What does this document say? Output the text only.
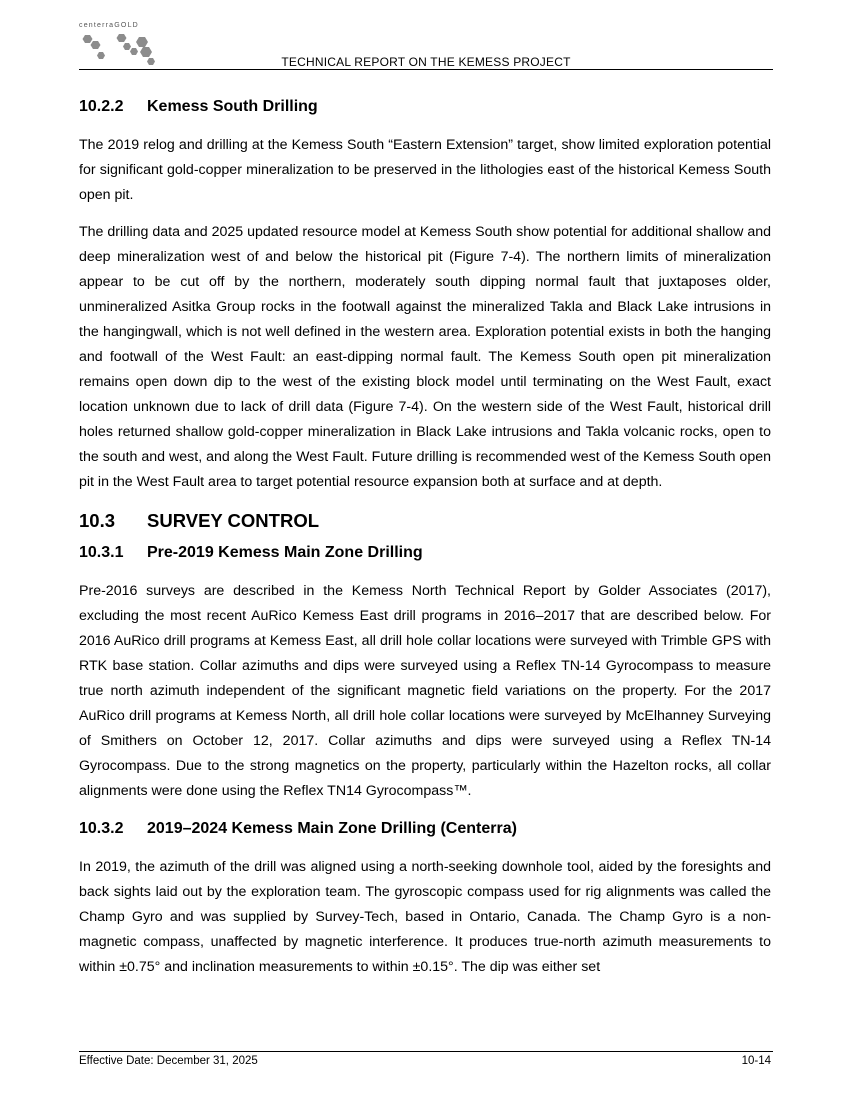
centerraGOLD
TECHNICAL REPORT ON THE KEMESS PROJECT
10.2.2 Kemess South Drilling

The 2019 relog and drilling at the Kemess South “Eastern Extension” target, show limited exploration potential for significant gold-copper mineralization to be preserved in the lithologies east of the historical Kemess South open pit.

The drilling data and 2025 updated resource model at Kemess South show potential for additional shallow and deep mineralization west of and below the historical pit (Figure 7-4). The northern limits of mineralization appear to be cut off by the northern, moderately south dipping normal fault that juxtaposes older, unmineralized Asitka Group rocks in the footwall against the mineralized Takla and Black Lake intrusions in the hangingwall, which is not well defined in the western area. Exploration potential exists in both the hanging and footwall of the West Fault: an east-dipping normal fault. The Kemess South open pit mineralization remains open down dip to the west of the existing block model until terminating on the West Fault, exact location unknown due to lack of drill data (Figure 7-4). On the western side of the West Fault, historical drill holes returned shallow gold-copper mineralization in Black Lake intrusions and Takla volcanic rocks, open to the south and west, and along the West Fault. Future drilling is recommended west of the Kemess South open pit in the West Fault area to target potential resource expansion both at surface and at depth.

10.3 SURVEY CONTROL
10.3.1 Pre-2019 Kemess Main Zone Drilling

Pre-2016 surveys are described in the Kemess North Technical Report by Golder Associates (2017), excluding the most recent AuRico Kemess East drill programs in 2016–2017 that are described below. For 2016 AuRico drill programs at Kemess East, all drill hole collar locations were surveyed with Trimble GPS with RTK base station. Collar azimuths and dips were surveyed using a Reflex TN-14 Gyrocompass to measure true north azimuth independent of the significant magnetic field variations on the property. For the 2017 AuRico drill programs at Kemess North, all drill hole collar locations were surveyed by McElhanney Surveying of Smithers on October 12, 2017. Collar azimuths and dips were surveyed using a Reflex TN-14 Gyrocompass. Due to the strong magnetics on the property, particularly within the Hazelton rocks, all collar alignments were done using the Reflex TN14 Gyrocompass™.

10.3.2 2019–2024 Kemess Main Zone Drilling (Centerra)

In 2019, the azimuth of the drill was aligned using a north-seeking downhole tool, aided by the foresights and back sights laid out by the exploration team. The gyroscopic compass used for rig alignments was called the Champ Gyro and was supplied by Survey-Tech, based in Ontario, Canada. The Champ Gyro is a non-magnetic compass, unaffected by magnetic interference. It produces true-north azimuth measurements to within ±0.75° and inclination measurements to within ±0.15°. The dip was either set

Effective Date: December 31, 2025	10-14
